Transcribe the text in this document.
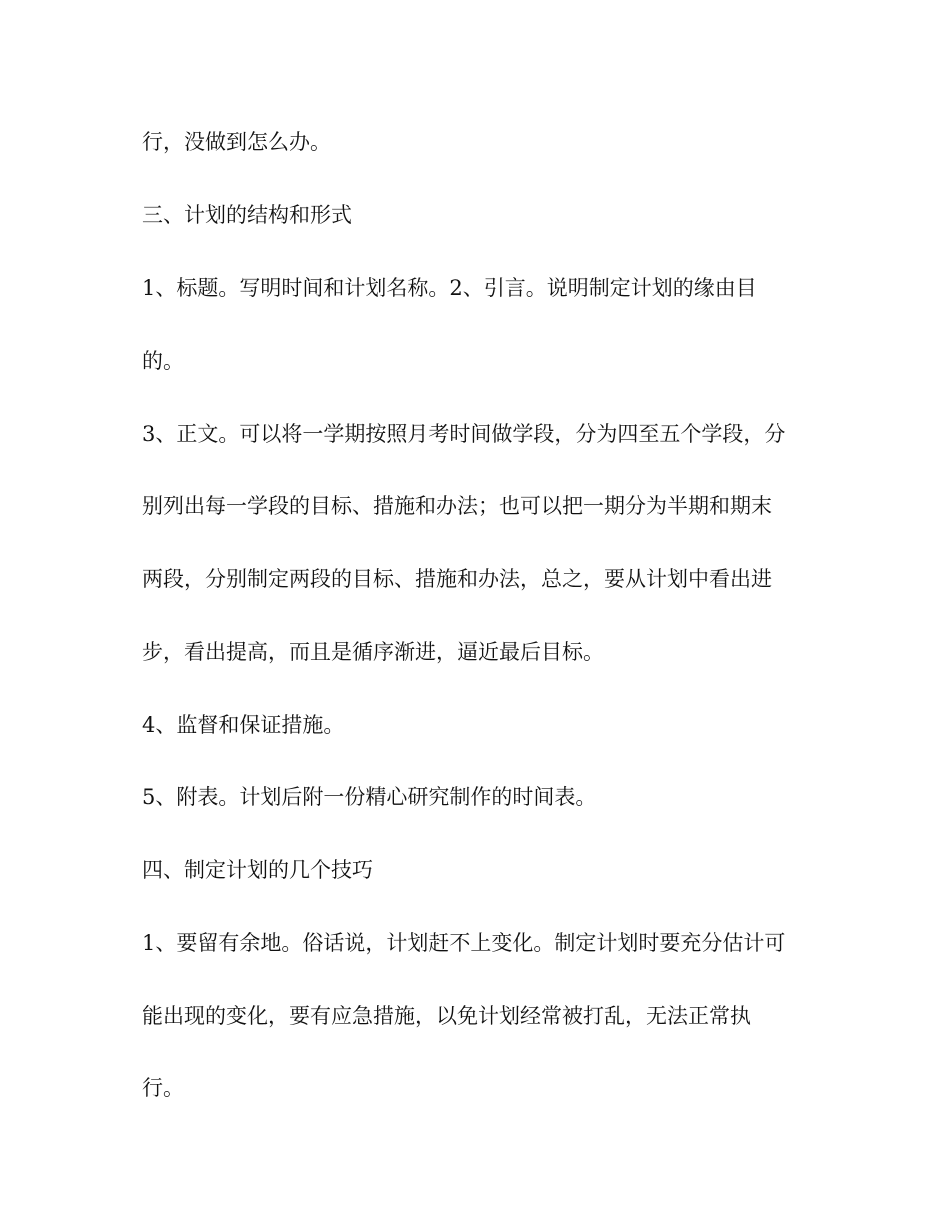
行，没做到怎么办。
三、计划的结构和形式
1、标题。写明时间和计划名称。2、引言。说明制定计划的缘由目
的。
3、正文。可以将一学期按照月考时间做学段，分为四至五个学段，分
别列出每一学段的目标、措施和办法；也可以把一期分为半期和期末
两段，分别制定两段的目标、措施和办法，总之，要从计划中看出进
步，看出提高，而且是循序渐进，逼近最后目标。
4、监督和保证措施。
5、附表。计划后附一份精心研究制作的时间表。
四、制定计划的几个技巧
1、要留有余地。俗话说，计划赶不上变化。制定计划时要充分估计可
能出现的变化，要有应急措施，以免计划经常被打乱，无法正常执
行。
